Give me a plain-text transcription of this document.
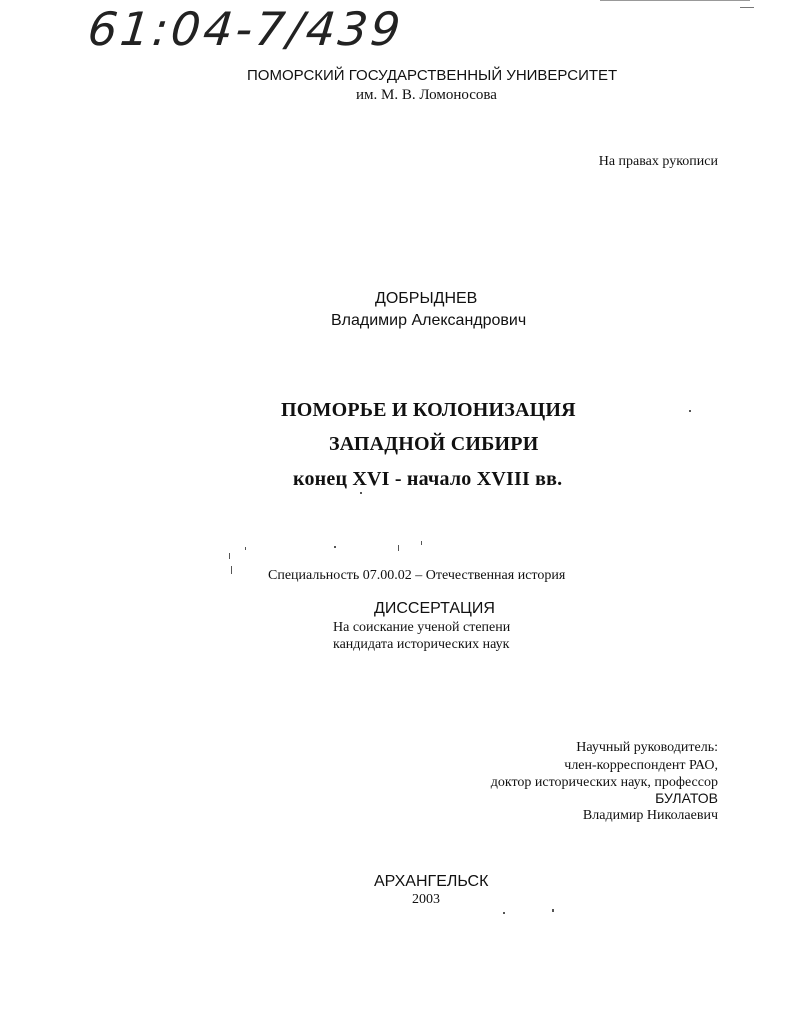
61:04-7/439

ПОМОРСКИЙ ГОСУДАРСТВЕННЫЙ УНИВЕРСИТЕТ

им. М. В. Ломоносова

На правах рукописи

ДОБРЫДНЕВ

Владимир Александрович

ПОМОРЬЕ И КОЛОНИЗАЦИЯ
ЗАПАДНОЙ СИБИРИ
конец XVI - начало XVIII вв.

Специальность 07.00.02 – Отечественная история

ДИССЕРТАЦИЯ

На соискание ученой степени

кандидата исторических наук

Научный руководитель:

член-корреспондент РАО,

доктор исторических наук, профессор

БУЛАТОВ

Владимир Николаевич

АРХАНГЕЛЬСК

2003
